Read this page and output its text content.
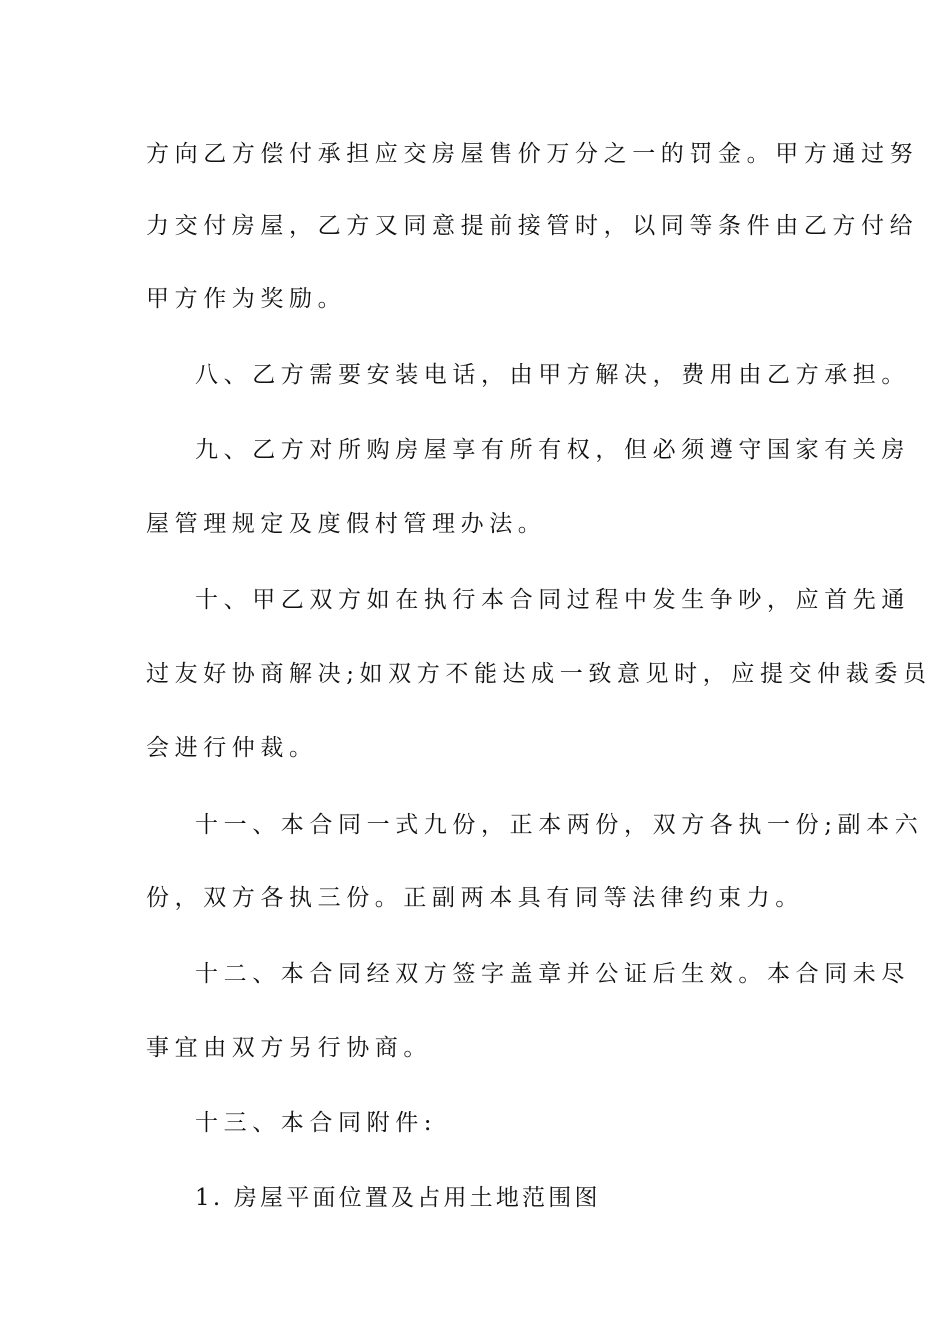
方向乙方偿付承担应交房屋售价万分之一的罚金。甲方通过努
力交付房屋，乙方又同意提前接管时，以同等条件由乙方付给
甲方作为奖励。
八、乙方需要安装电话，由甲方解决，费用由乙方承担。
九、乙方对所购房屋享有所有权，但必须遵守国家有关房
屋管理规定及度假村管理办法。
十、甲乙双方如在执行本合同过程中发生争吵，应首先通
过友好协商解决;如双方不能达成一致意见时，应提交仲裁委员
会进行仲裁。
十一、本合同一式九份，正本两份，双方各执一份;副本六
份，双方各执三份。正副两本具有同等法律约束力。
十二、本合同经双方签字盖章并公证后生效。本合同未尽
事宜由双方另行协商。
十三、本合同附件:
1. 房屋平面位置及占用土地范围图
